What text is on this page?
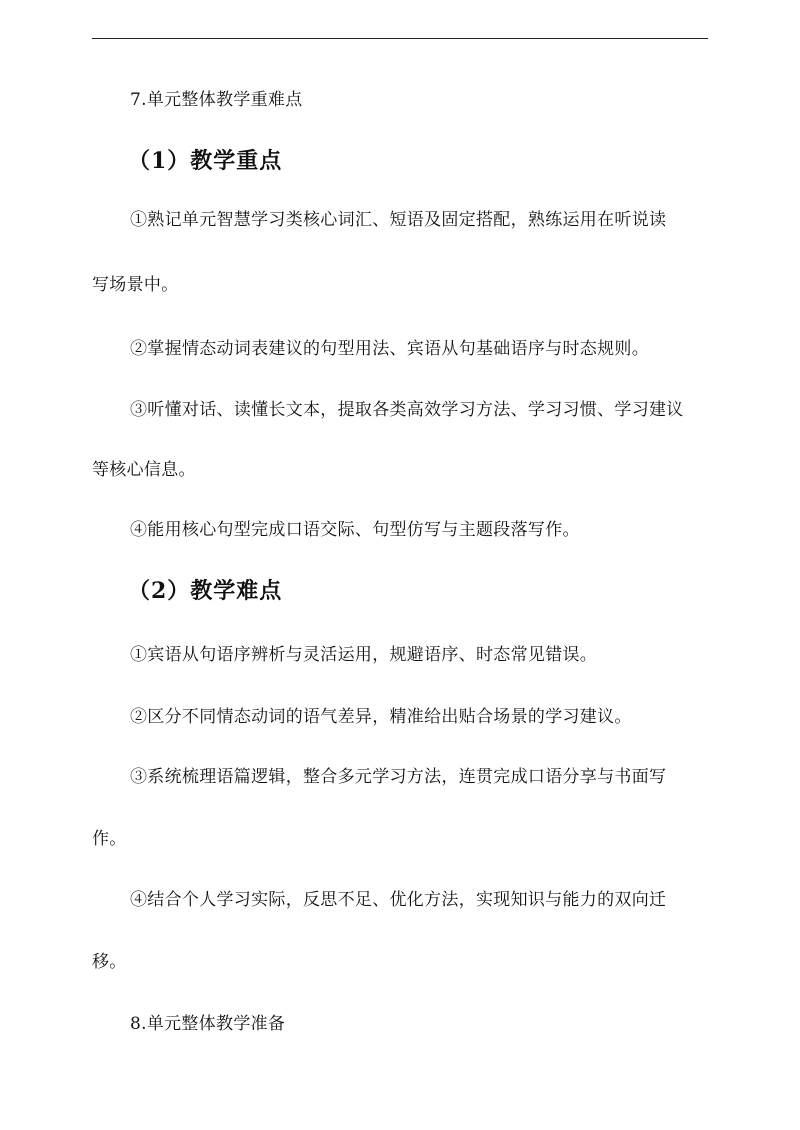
7.单元整体教学重难点
（1）教学重点
①熟记单元智慧学习类核心词汇、短语及固定搭配，熟练运用在听说读
写场景中。
②掌握情态动词表建议的句型用法、宾语从句基础语序与时态规则。
③听懂对话、读懂长文本，提取各类高效学习方法、学习习惯、学习建议
等核心信息。
④能用核心句型完成口语交际、句型仿写与主题段落写作。
（2）教学难点
①宾语从句语序辨析与灵活运用，规避语序、时态常见错误。
②区分不同情态动词的语气差异，精准给出贴合场景的学习建议。
③系统梳理语篇逻辑，整合多元学习方法，连贯完成口语分享与书面写
作。
④结合个人学习实际，反思不足、优化方法，实现知识与能力的双向迁
移。
8.单元整体教学准备
